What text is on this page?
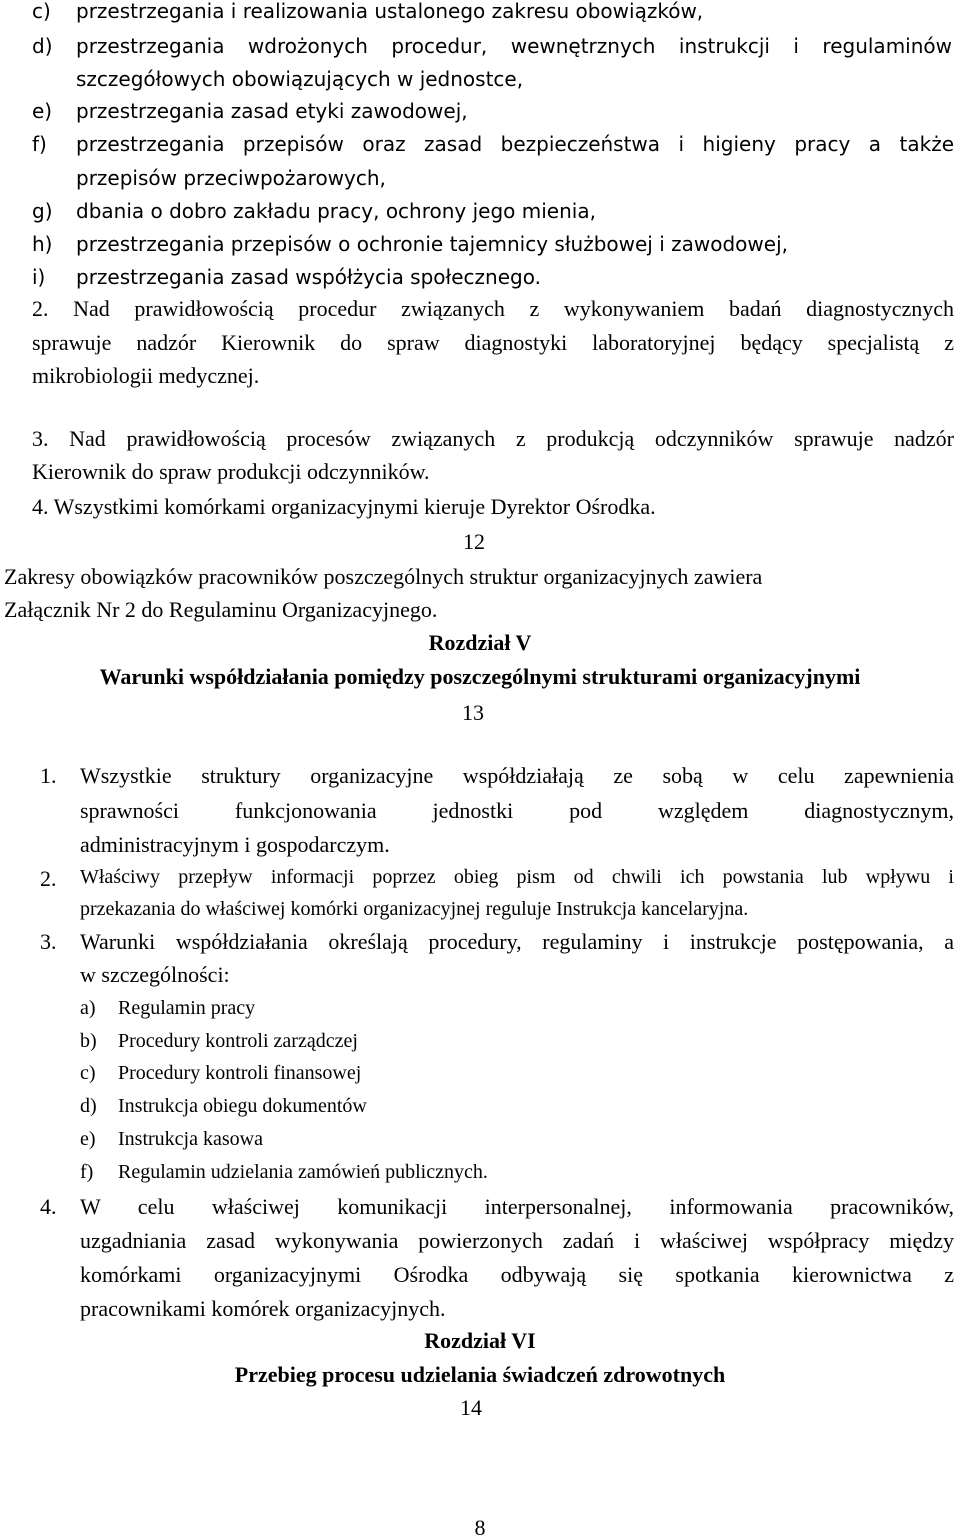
c) przestrzegania i realizowania ustalonego zakresu obowiązków,
d) przestrzegania wdrożonych procedur, wewnętrznych instrukcji i regulaminów
szczegółowych obowiązujących w jednostce,
e) przestrzegania zasad etyki zawodowej,
f) przestrzegania przepisów oraz zasad bezpieczeństwa i higieny pracy a także
przepisów przeciwpożarowych,
g) dbania o dobro zakładu pracy, ochrony jego mienia,
h) przestrzegania przepisów o ochronie tajemnicy służbowej i zawodowej,
i) przestrzegania zasad współżycia społecznego.
2. Nad prawidłowością procedur związanych z wykonywaniem badań diagnostycznych
sprawuje nadzór Kierownik do spraw diagnostyki laboratoryjnej będący specjalistą z
mikrobiologii medycznej.
3. Nad prawidłowością procesów związanych z produkcją odczynników sprawuje nadzór
Kierownik do spraw produkcji odczynników.
4. Wszystkimi komórkami organizacyjnymi kieruje Dyrektor Ośrodka.
12
Zakresy obowiązków pracowników poszczególnych struktur organizacyjnych zawiera
Załącznik Nr 2 do Regulaminu Organizacyjnego.
Rozdział V
Warunki współdziałania pomiędzy poszczególnymi strukturami organizacyjnymi
13
1. Wszystkie struktury organizacyjne współdziałają ze sobą w celu zapewnienia
sprawności funkcjonowania jednostki pod względem diagnostycznym,
administracyjnym i gospodarczym.
2. Właściwy przepływ informacji poprzez obieg pism od chwili ich powstania lub wpływu i
przekazania do właściwej komórki organizacyjnej reguluje Instrukcja kancelaryjna.
3. Warunki współdziałania określają procedury, regulaminy i instrukcje postępowania, a
w szczególności:
a) Regulamin pracy
b) Procedury kontroli zarządczej
c) Procedury kontroli finansowej
d) Instrukcja obiegu dokumentów
e) Instrukcja kasowa
f) Regulamin udzielania zamówień publicznych.
4. W celu właściwej komunikacji interpersonalnej, informowania pracowników,
uzgadniania zasad wykonywania powierzonych zadań i właściwej współpracy między
komórkami organizacyjnymi Ośrodka odbywają się spotkania kierownictwa z
pracownikami komórek organizacyjnych.
Rozdział VI
Przebieg procesu udzielania świadczeń zdrowotnych
14
8
